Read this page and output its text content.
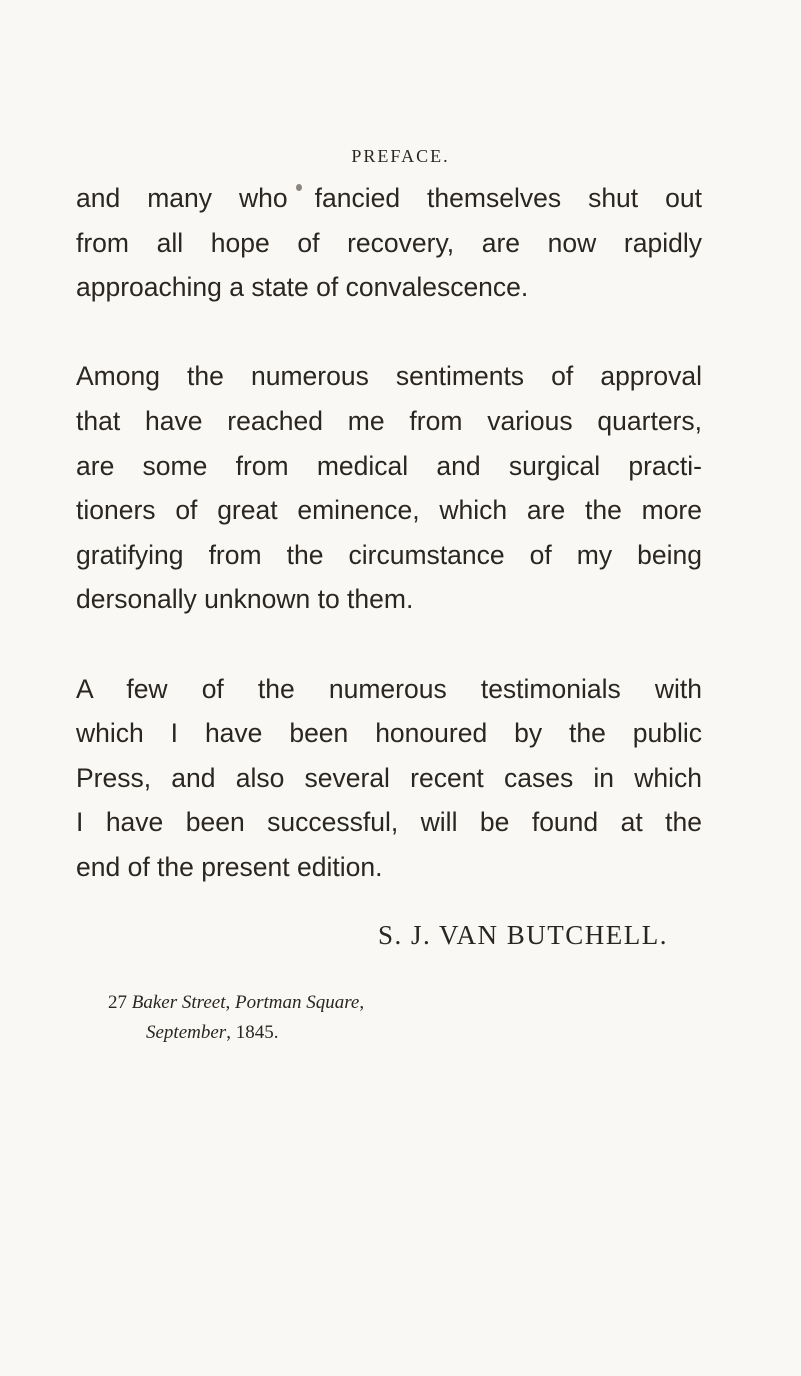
PREFACE.
and many who fancied themselves shut out
from all hope of recovery, are now rapidly
approaching a state of convalescence.
Among the numerous sentiments of approval
that have reached me from various quarters,
are some from medical and surgical practi-
tioners of great eminence, which are the more
gratifying from the circumstance of my being
dersonally unknown to them.
A few of the numerous testimonials with
which I have been honoured by the public
Press, and also several recent cases in which
I have been successful, will be found at the
end of the present edition.
S. J. VAN BUTCHELL.
27 Baker Street, Portman Square,
September, 1845.
